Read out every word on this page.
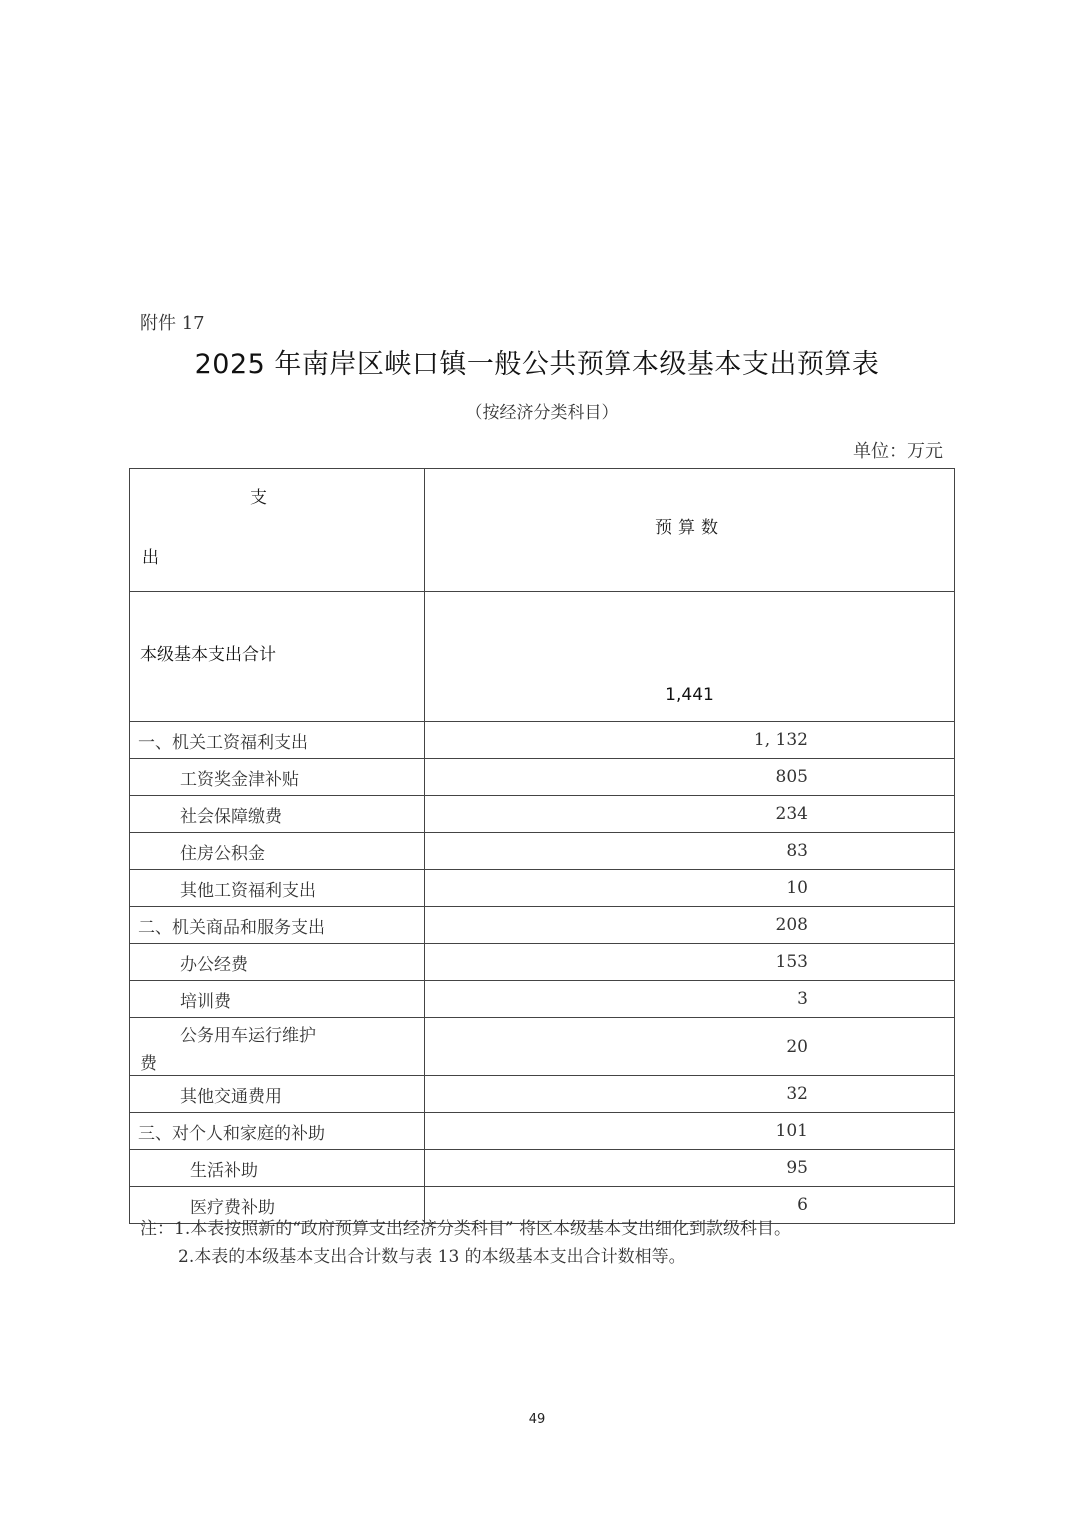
附件 17
2025 年南岸区峡口镇一般公共预算本级基本支出预算表
（按经济分类科目）
单位：万元
支
出	预算数
本级基本支出合计	1,441
一、机关工资福利支出	1, 132
工资奖金津补贴	805
社会保障缴费	234
住房公积金	83
其他工资福利支出	10
二、机关商品和服务支出	208
办公经费	153
培训费	3

公务用车运行维护
费	20
其他交通费用	32
三、对个人和家庭的补助	101
生活补助	95
医疗费补助	6
注：1.本表按照新的“政府预算支出经济分类科目” 将区本级基本支出细化到款级科目。
2.本表的本级基本支出合计数与表 13 的本级基本支出合计数相等。
49
